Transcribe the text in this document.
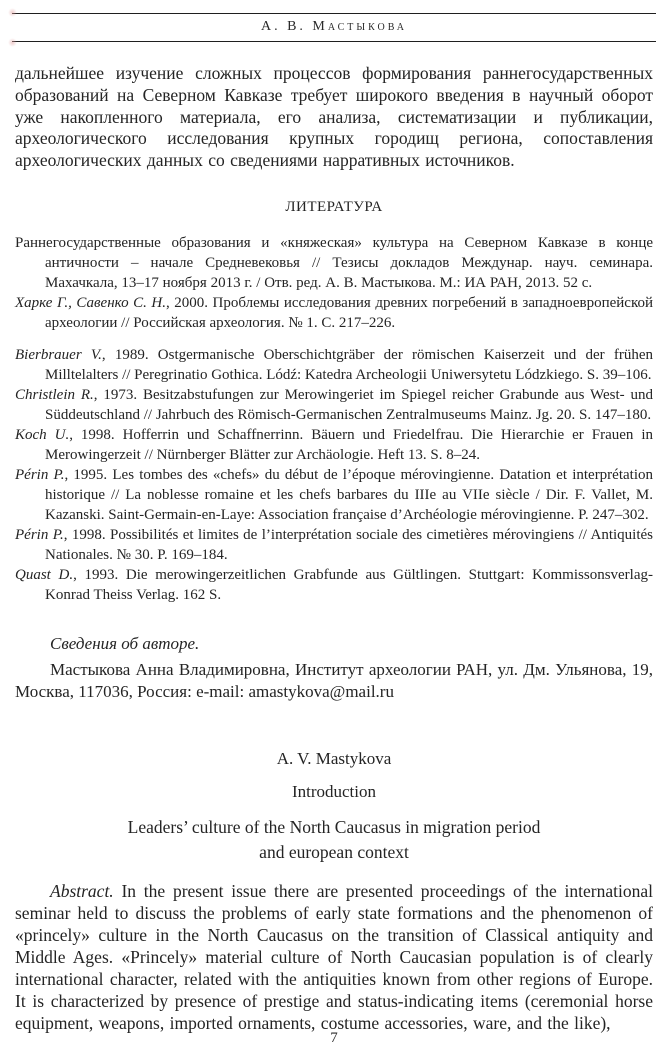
А. В. Мастыкова

дальнейшее изучение сложных процессов формирования раннегосударственных образований на Северном Кавказе требует широкого введения в научный оборот уже накопленного материала, его анализа, систематизации и публикации, археологического исследования крупных городищ региона, сопоставления археологических данных со сведениями нарративных источников.

ЛИТЕРАТУРА

Раннегосударственные образования и «княжеская» культура на Северном Кавказе в конце античности – начале Средневековья // Тезисы докладов Междунар. науч. семинара. Махачкала, 13–17 ноября 2013 г. / Отв. ред. А. В. Мастыкова. М.: ИА РАН, 2013. 52 с.

Харке Г., Савенко С. Н., 2000. Проблемы исследования древних погребений в западноевропейской археологии // Российская археология. № 1. С. 217–226.

Bierbrauer V., 1989. Ostgermanische Oberschichtgräber der römischen Kaiserzeit und der frühen Milltelalters // Peregrinatio Gothica. Lódź: Katedra Archeologii Uniwersytetu Lódzkiego. S. 39–106.

Christlein R., 1973. Besitzabstufungen zur Merowingeriet im Spiegel reicher Grabunde aus West- und Süddeutschland // Jahrbuch des Römisch-Germanischen Zentralmuseums Mainz. Jg. 20. S. 147–180.

Koch U., 1998. Hofferrin und Schaffnerrinn. Bäuern und Friedelfrau. Die Hierarchie er Frauen in Merowingerzeit // Nürnberger Blätter zur Archäologie. Heft 13. S. 8–24.

Périn P., 1995. Les tombes des «chefs» du début de l’époque mérovingienne. Datation et interprétation historique // La noblesse romaine et les chefs barbares du IIIe au VIIe siècle / Dir. F. Vallet, M. Kazanski. Saint-Germain-en-Laye: Association française d’Archéologie mérovingienne. P. 247–302.

Périn P., 1998. Possibilités et limites de l’interprétation sociale des cimetières mérovingiens // Antiquités Nationales. № 30. P. 169–184.

Quast D., 1993. Die merowingerzeitlichen Grabfunde aus Gültlingen. Stuttgart: Kommissonsverlag-Konrad Theiss Verlag. 162 S.

Сведения об авторе.

Мастыкова Анна Владимировна, Институт археологии РАН, ул. Дм. Ульянова, 19, Москва, 117036, Россия: e-mail: amastykova@mail.ru

A. V. Mastykova

Introduction

Leaders’ culture of the North Caucasus in migration period
and european context

Abstract. In the present issue there are presented proceedings of the international seminar held to discuss the problems of early state formations and the phenomenon of «princely» culture in the North Caucasus on the transition of Classical antiquity and Middle Ages. «Princely» material culture of North Caucasian population is of clearly international character, related with the antiquities known from other regions of Europe. It is characterized by presence of prestige and status-indicating items (ceremonial horse equipment, weapons, imported ornaments, costume accessories, ware, and the like),

7
